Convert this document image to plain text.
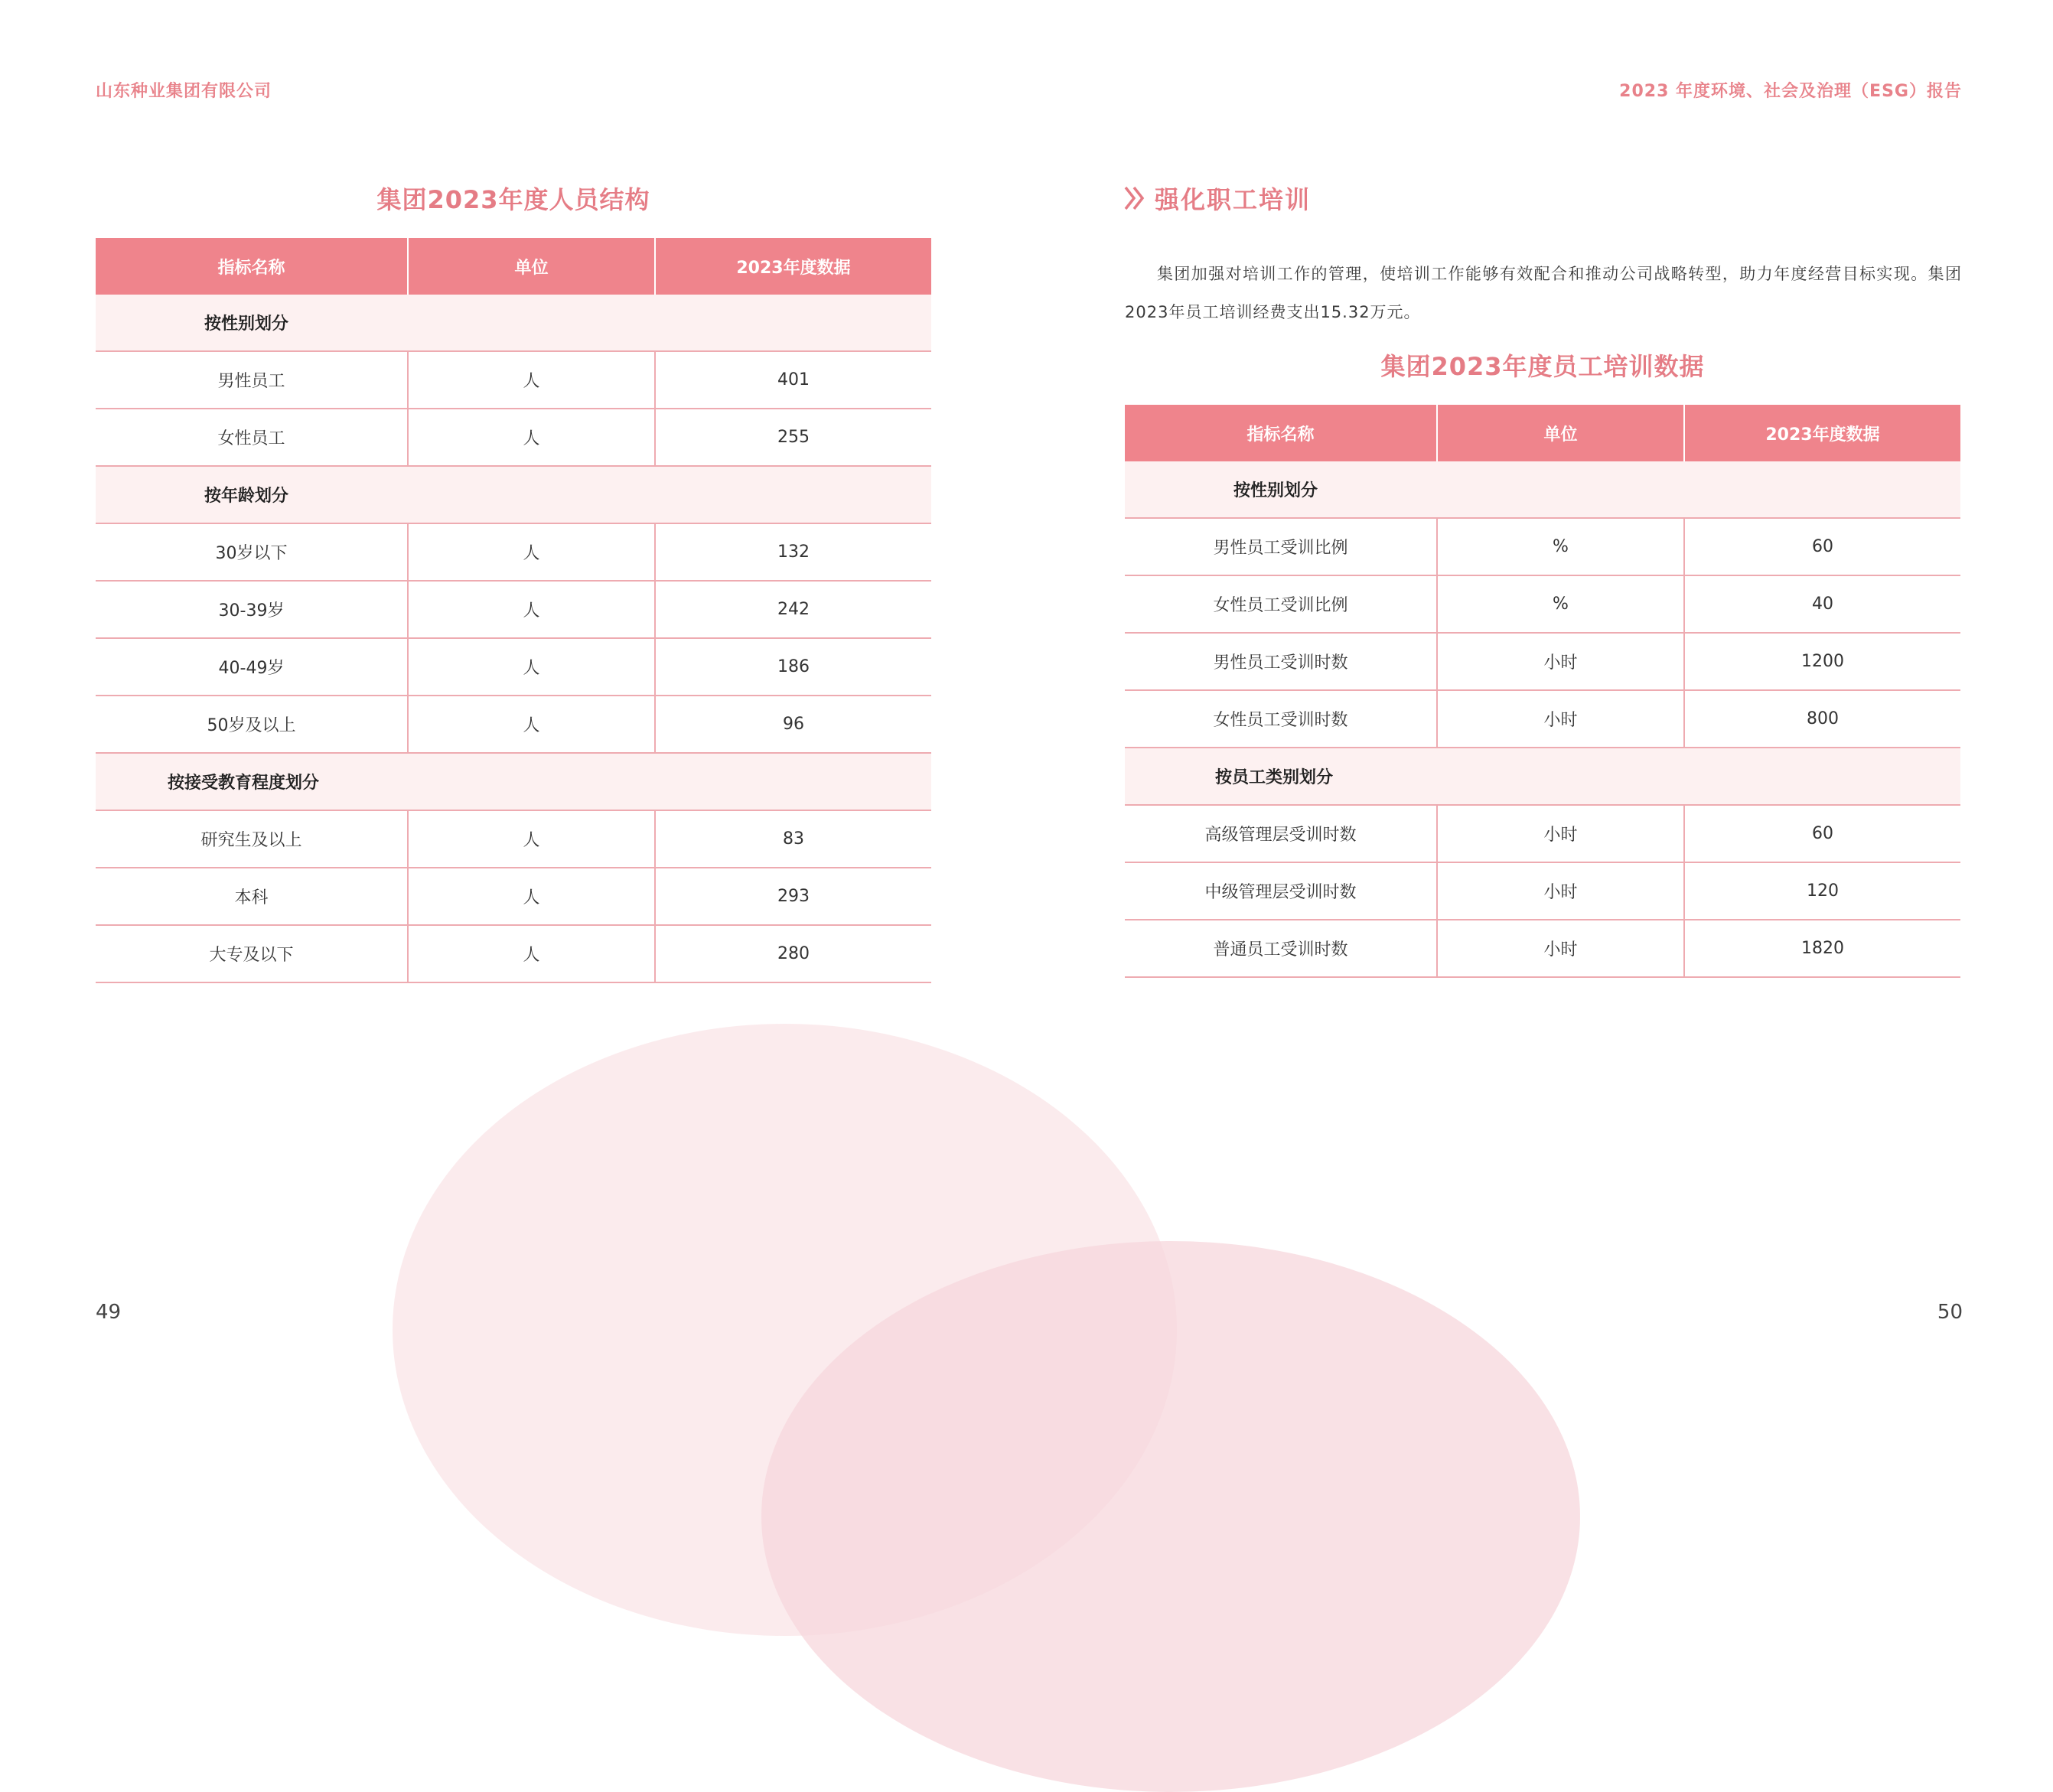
山东种业集团有限公司	2023 年度环境、社会及治理（ESG）报告
集团2023年度人员结构
指标名称	单位	2023年度数据
按性别划分		
男性员工	人	401
女性员工	人	255
按年龄划分		
30岁以下	人	132
30-39岁	人	242
40-49岁	人	186
50岁及以上	人	96
按接受教育程度划分		
研究生及以上	人	83
本科	人	293
大专及以下	人	280
强化职工培训
集团加强对培训工作的管理，使培训工作能够有效配合和推动公司战略转型，助力年度经营目标实现。集团2023年员工培训经费支出15.32万元。
集团2023年度员工培训数据
指标名称	单位	2023年度数据
按性别划分		
男性员工受训比例	%	60
女性员工受训比例	%	40
男性员工受训时数	小时	1200
女性员工受训时数	小时	800
按员工类别划分		
高级管理层受训时数	小时	60
中级管理层受训时数	小时	120
普通员工受训时数	小时	1820
49	50
